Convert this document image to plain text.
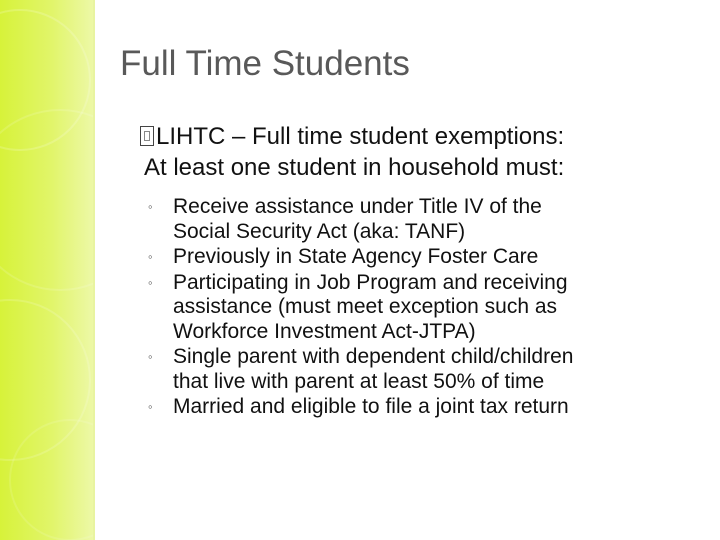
Full Time Students
LIHTC – Full time student exemptions:
At least one student in household must:
◦ Receive assistance under Title IV of the
Social Security Act (aka: TANF)
◦ Previously in State Agency Foster Care
◦ Participating in Job Program and receiving
assistance (must meet exception such as
Workforce Investment Act-JTPA)
◦ Single parent with dependent child/children
that live with parent at least 50% of time
◦ Married and eligible to file a joint tax return
